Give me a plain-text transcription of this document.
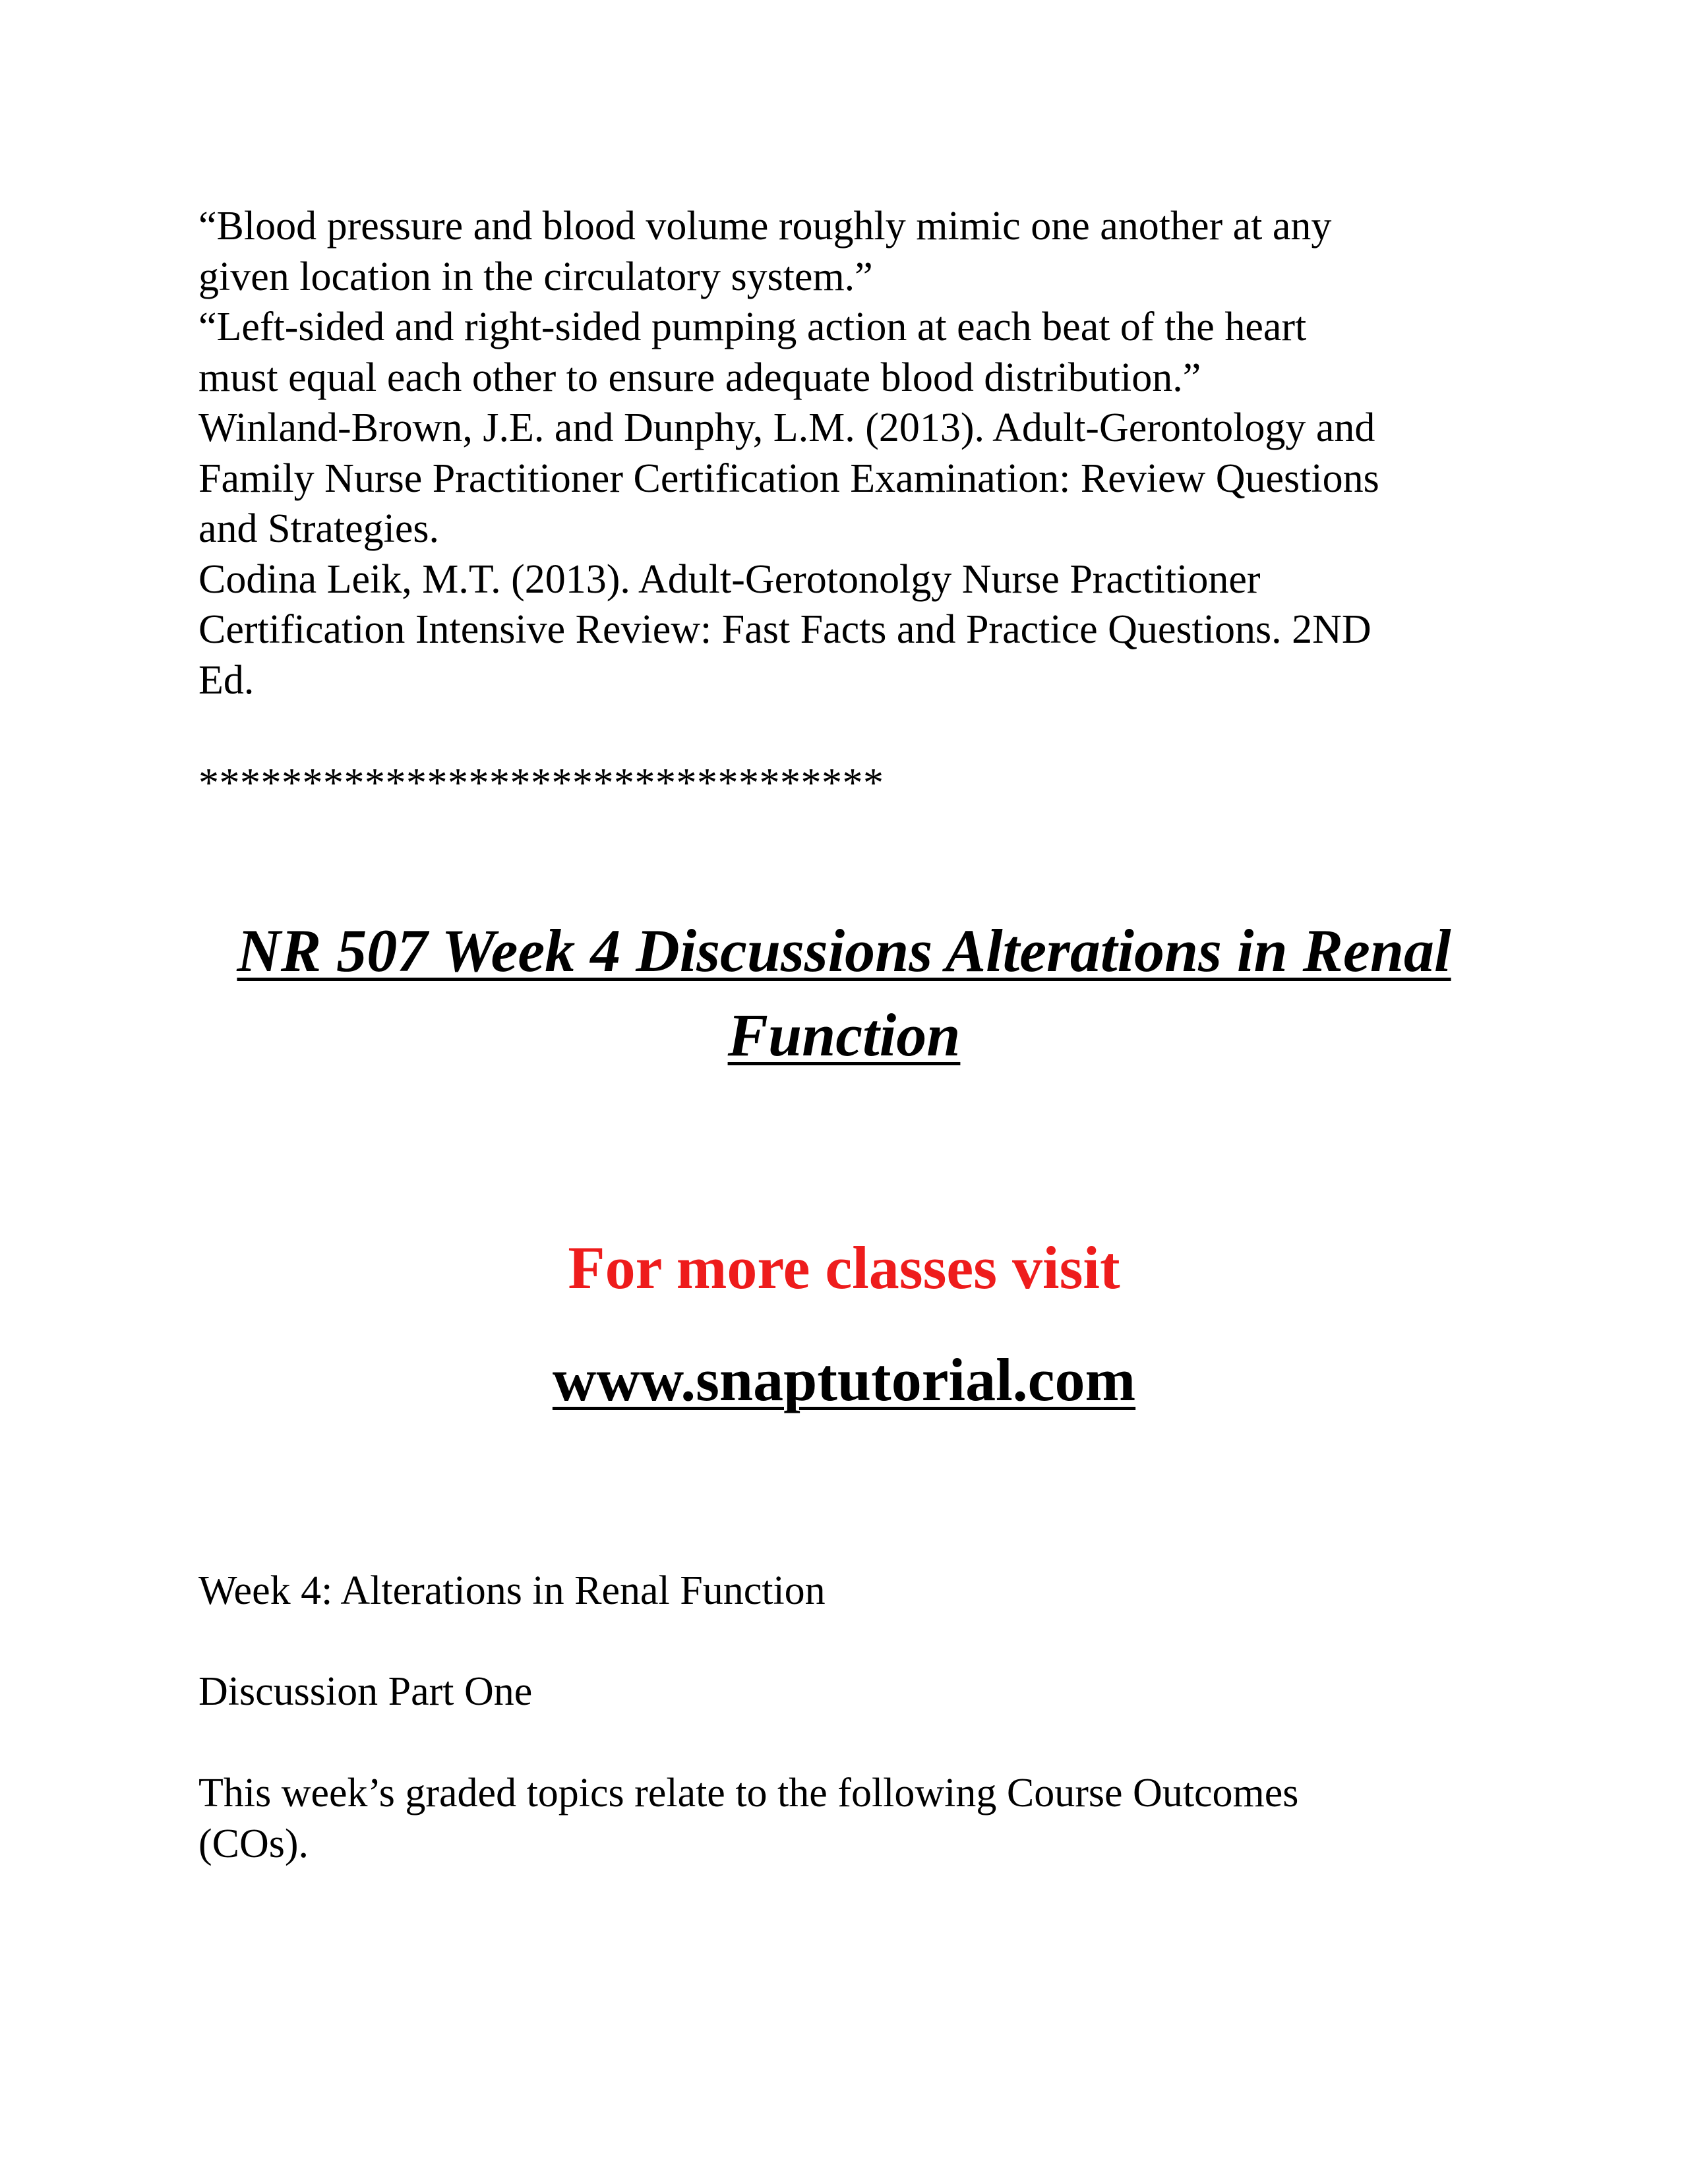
“Blood pressure and blood volume roughly mimic one another at any
given location in the circulatory system.”
“Left-sided and right-sided pumping action at each beat of the heart
must equal each other to ensure adequate blood distribution.”
Winland-Brown, J.E. and Dunphy, L.M. (2013). Adult-Gerontology and
Family Nurse Practitioner Certification Examination: Review Questions
and Strategies.
Codina Leik, M.T. (2013). Adult-Gerotonolgy Nurse Practitioner
Certification Intensive Review: Fast Facts and Practice Questions. 2ND
Ed.
*********************************
NR 507 Week 4 Discussions Alterations in Renal
Function
For more classes visit
www.snaptutorial.com
Week 4: Alterations in Renal Function
Discussion Part One
This week’s graded topics relate to the following Course Outcomes
(COs).
